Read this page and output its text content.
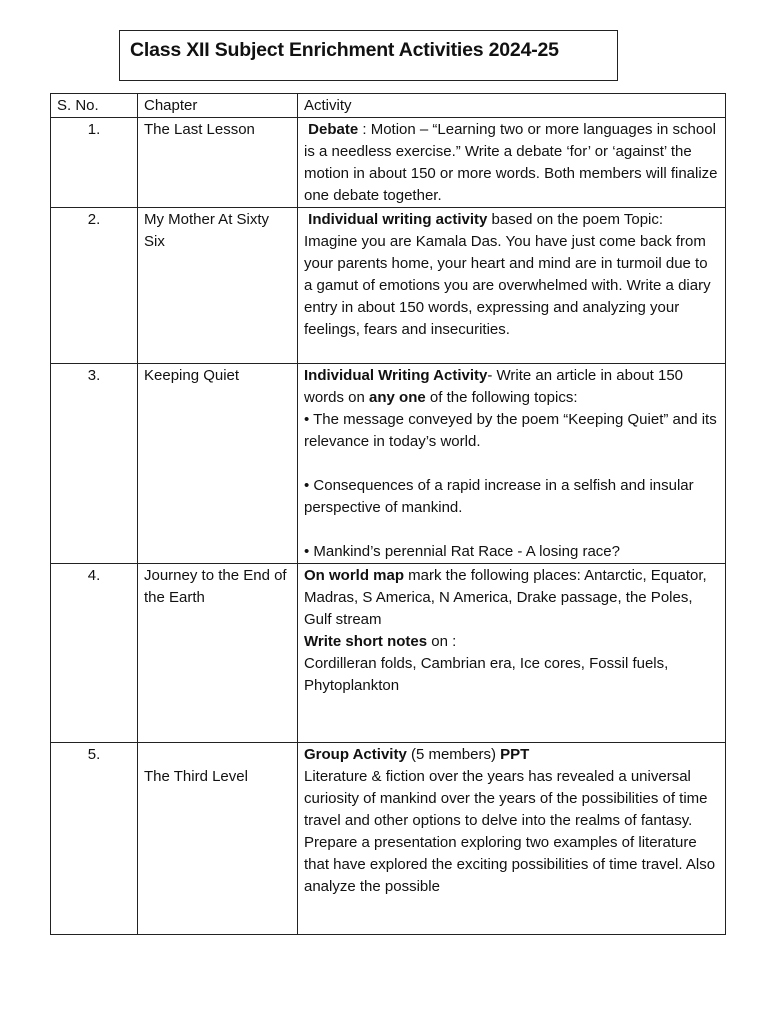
Class XII Subject Enrichment Activities 2024-25
S. No.	Chapter	Activity
1.	The Last Lesson	Debate : Motion – “Learning two or more languages in school is a needless exercise.” Write a debate ‘for’ or ‘against’ the motion in about 150 or more words. Both members will finalize one debate together.
2.	My Mother At Sixty Six	Individual writing activity based on the poem Topic: Imagine you are Kamala Das. You have just come back from your parents home, your heart and mind are in turmoil due to a gamut of emotions you are overwhelmed with. Write a diary entry in about 150 words, expressing and analyzing your feelings, fears and insecurities.
3.	Keeping Quiet	Individual Writing Activity- Write an article in about 150 words on any one of the following topics:
• The message conveyed by the poem “Keeping Quiet” and its relevance in today’s world.
• Consequences of a rapid increase in a selfish and insular perspective of mankind.
• Mankind’s perennial Rat Race - A losing race?
4.	Journey to the End of the Earth	On world map mark the following places: Antarctic, Equator, Madras, S America, N America, Drake passage, the Poles, Gulf stream
Write short notes on :
Cordilleran folds, Cambrian era, Ice cores, Fossil fuels, Phytoplankton
5.	The Third Level	Group Activity (5 members) PPT
Literature & fiction over the years has revealed a universal curiosity of mankind over the years of the possibilities of time travel and other options to delve into the realms of fantasy.
Prepare a presentation exploring two examples of literature that have explored the exciting possibilities of time travel. Also analyze the possible
